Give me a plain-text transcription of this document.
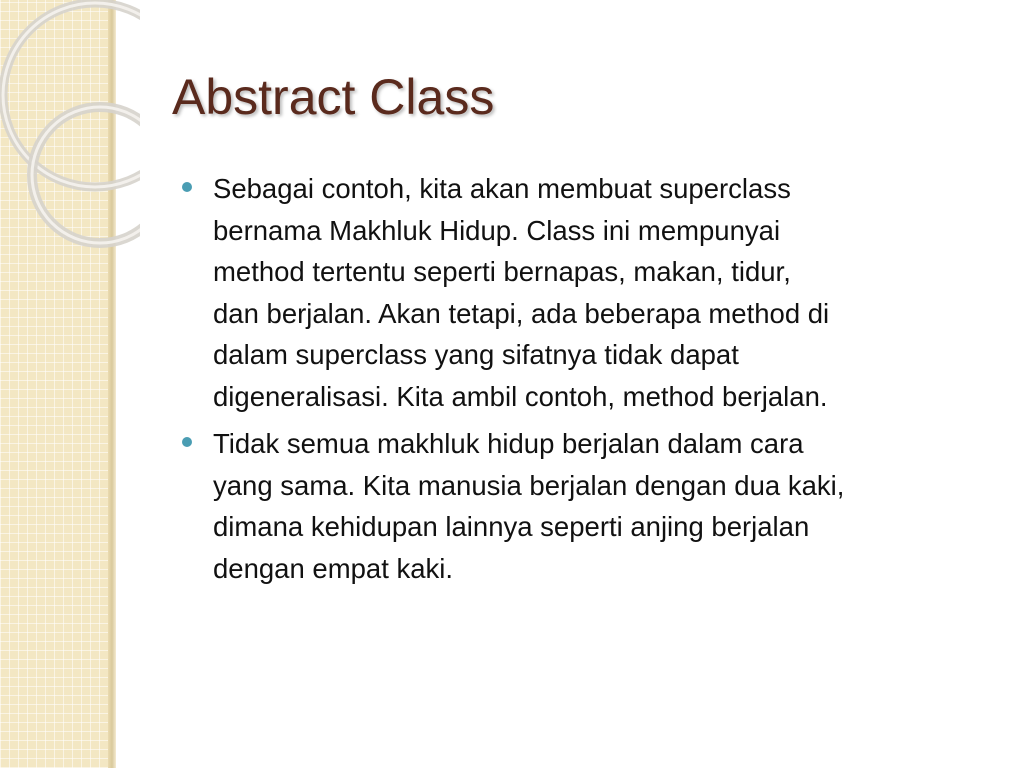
Abstract Class
Sebagai contoh, kita akan membuat superclass
bernama Makhluk Hidup. Class ini mempunyai
method tertentu seperti bernapas, makan, tidur,
dan berjalan. Akan tetapi, ada beberapa method di
dalam superclass yang sifatnya tidak dapat
digeneralisasi. Kita ambil contoh, method berjalan.
Tidak semua makhluk hidup berjalan dalam cara
yang sama. Kita manusia berjalan dengan dua kaki,
dimana kehidupan lainnya seperti anjing berjalan
dengan empat kaki.
